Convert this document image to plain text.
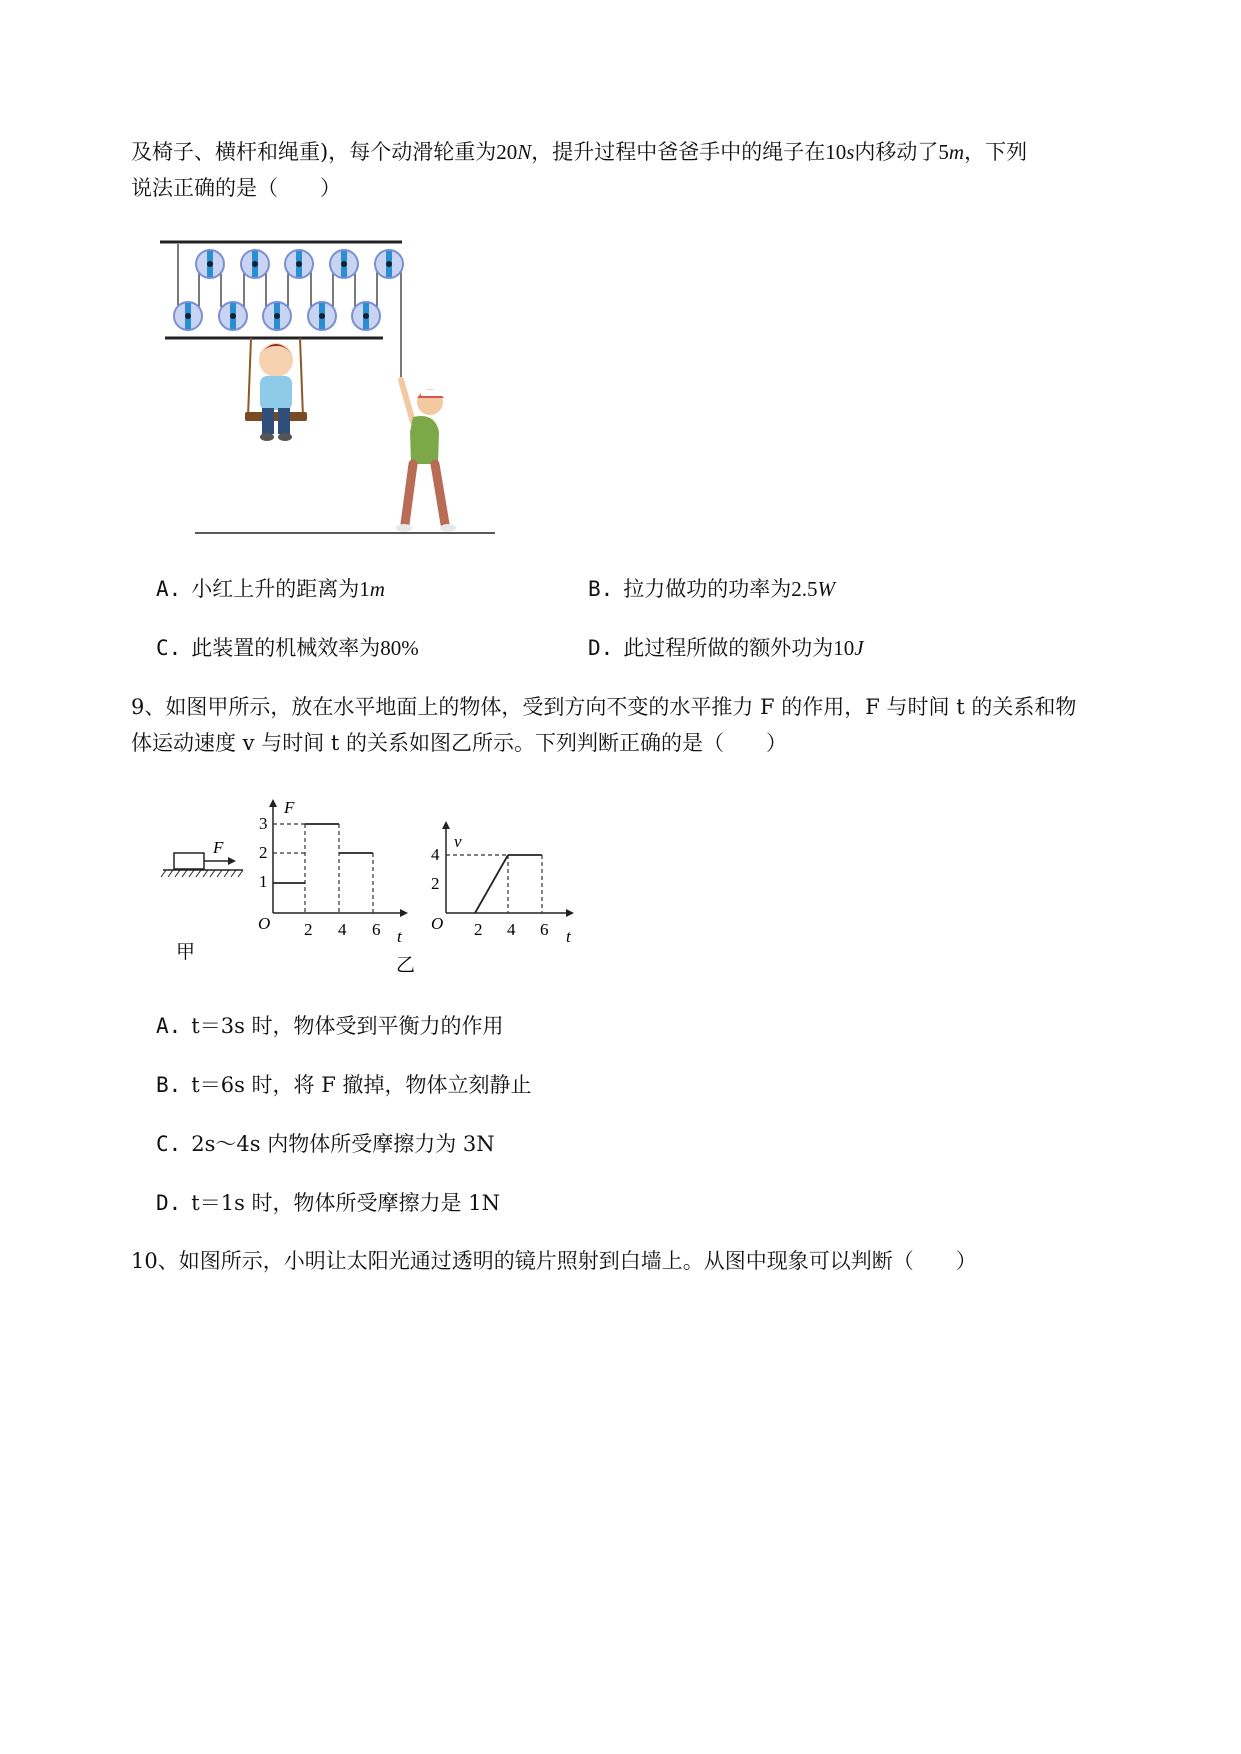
及椅子、横杆和绳重)，每个动滑轮重为20N，提升过程中爸爸手中的绳子在10s内移动了5m，下列
说法正确的是（　　）
A. 小红上升的距离为1m	B. 拉力做功的功率为2.5W
C. 此装置的机械效率为80%	D. 此过程所做的额外功为10J
9、如图甲所示，放在水平地面上的物体，受到方向不变的水平推力 F 的作用，F 与时间 t 的关系和物
体运动速度 v 与时间 t 的关系如图乙所示。下列判断正确的是（　　）
F
甲
F
O
t
2 4 6
1
2
3
乙
v
O
t
2 4 6
2
4
A. t＝3s 时，物体受到平衡力的作用
B. t＝6s 时，将 F 撤掉，物体立刻静止
C. 2s～4s 内物体所受摩擦力为 3N
D. t＝1s 时，物体所受摩擦力是 1N
10、如图所示，小明让太阳光通过透明的镜片照射到白墙上。从图中现象可以判断（　　）
